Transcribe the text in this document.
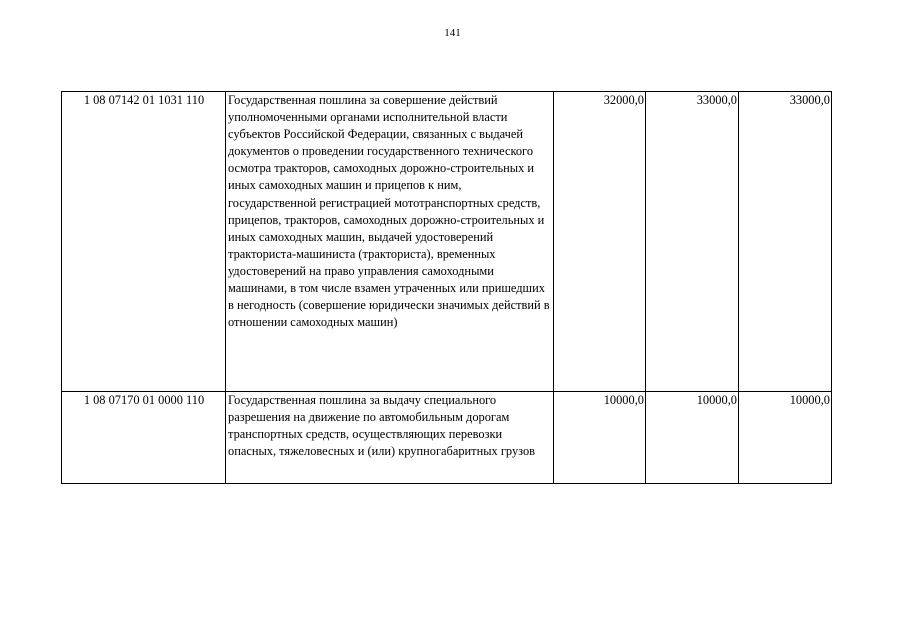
141
1 08 07142 01 1031 110	Государственная пошлина за совершение действий уполномоченными органами исполнительной власти субъектов Российской Федерации, связанных с выдачей документов о проведении государственного технического осмотра тракторов, самоходных дорожно-строительных и иных самоходных машин и прицепов к ним, государственной регистрацией мототранспортных средств, прицепов, тракторов, самоходных дорожно-строительных и иных самоходных машин, выдачей удостоверений тракториста-машиниста (тракториста), временных удостоверений на право управления самоходными машинами, в том числе взамен утраченных или пришедших в негодность (совершение юридически значимых действий в отношении самоходных машин)	32000,0	33000,0	33000,0
1 08 07170 01 0000 110	Государственная пошлина за выдачу специального разрешения на движение по автомобильным дорогам транспортных средств, осуществляющих перевозки опасных, тяжеловесных и (или) крупногабаритных грузов	10000,0	10000,0	10000,0
